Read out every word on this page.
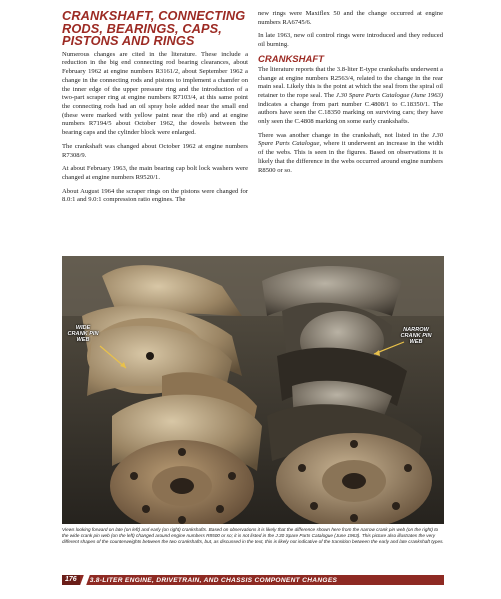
CRANKSHAFT, CONNECTING RODS, BEARINGS, CAPS, PISTONS AND RINGS

Numerous changes are cited in the literature. These include a reduction in the big end connecting rod bearing clearances, about February 1962 at engine numbers R3161/2, about September 1962 a change in the connecting rods and pistons to implement a chamfer on the inner edge of the upper pressure ring and the introduction of a two-part scraper ring at engine numbers R7103/4, at this same point the connecting rods had an oil spray hole added near the small end (these were marked with yellow paint near the rib) and at engine numbers R7194/5 about October 1962, the dowels between the bearing caps and the cylinder block were enlarged.

The crankshaft was changed about October 1962 at engine numbers R7308/9.

At about February 1963, the main bearing cap bolt lock washers were changed at engine numbers R9520/1.

About August 1964 the scraper rings on the pistons were changed for 8.0:1 and 9.0:1 compression ratio engines. The

new rings were Maxiflex 50 and the change occurred at engine numbers RA6745/6.

In late 1963, new oil control rings were introduced and they reduced oil burning.

CRANKSHAFT

The literature reports that the 3.8-liter E-type crankshafts underwent a change at engine numbers R2563/4, related to the change in the rear main seal. Likely this is the point at which the seal from the spiral oil retainer to the rope seal. The J.30 Spare Parts Catalogue (June 1963) indicates a change from part number C.4808/1 to C.18350/1. The authors have seen the C.18350 marking on surviving cars; they have only seen the C.4808 marking on some early crankshafts.

There was another change in the crankshaft, not listed in the J.30 Spare Parts Catalogue, where it underwent an increase in the width of the webs. This is seen in the figures. Based on observations it is likely that the difference in the webs occurred around engine numbers R8500 or so.

WIDE CRANK PIN WEB
NARROW CRANK PIN WEB
Views looking forward on late (on left) and early (on right) crankshafts. Based on observations it is likely that the difference shown here from the narrow crank pin web (on the right) to the wide crank pin web (on the left) changed around engine numbers R8500 or so; it is not listed in the J.30 Spare Parts Catalogue (June 1963). This picture also illustrates the very different shapes of the counterweights between the two crankshafts, but, as discussed in the text, this is likely not indicative of the transition between the early and late crankshaft types.
176	3.8-LITER ENGINE, DRIVETRAIN, AND CHASSIS COMPONENT CHANGES
